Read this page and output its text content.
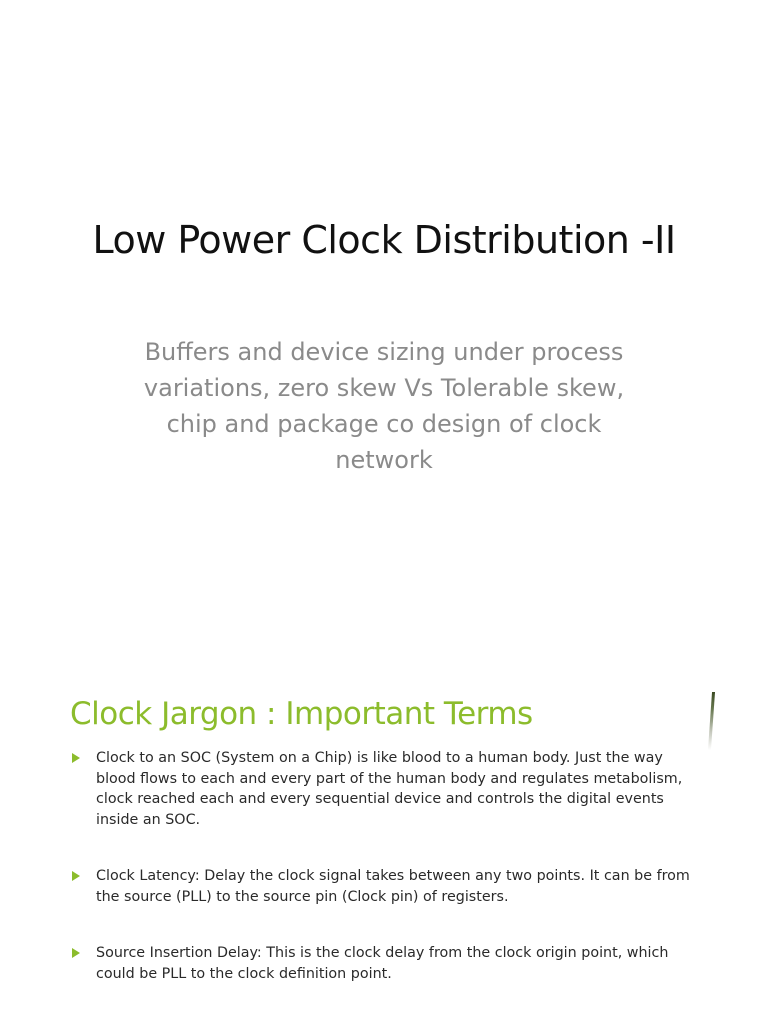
Low Power Clock Distribution -II

Buffers and device sizing under process variations, zero skew Vs Tolerable skew, chip and package co design of clock network

Clock Jargon : Important Terms
Clock to an SOC (System on a Chip) is like blood to a human body. Just the way blood flows to each and every part of the human body and regulates metabolism, clock reached each and every sequential device and controls the digital events inside an SOC.
Clock Latency: Delay the clock signal takes between any two points. It can be from the source (PLL) to the source pin (Clock pin) of registers.
Source Insertion Delay: This is the clock delay from the clock origin point, which could be PLL to the clock definition point.
